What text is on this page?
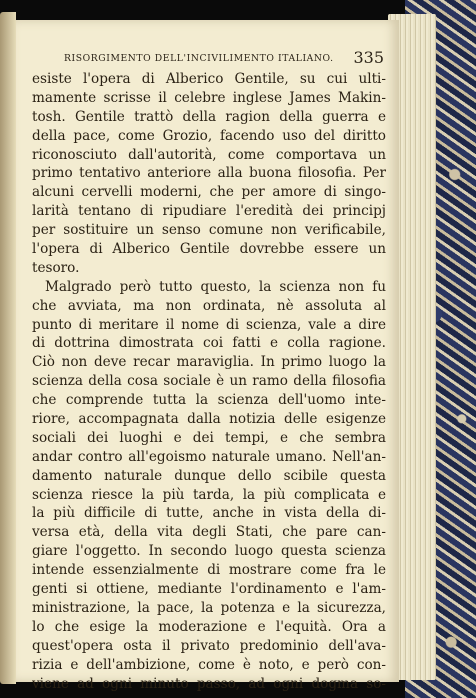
RISORGIMENTO DELL'INCIVILIMENTO ITALIANO. 335
esiste l'opera di Alberico Gentile, su cui ulti-
mamente scrisse il celebre inglese James Makin-
tosh. Gentile trattò della ragion della guerra e
della pace, come Grozio, facendo uso del diritto
riconosciuto dall'autorità, come comportava un
primo tentativo anteriore alla buona filosofia. Per
alcuni cervelli moderni, che per amore di singo-
larità tentano di ripudiare l'eredità dei principj
per sostituire un senso comune non verificabile,
l'opera di Alberico Gentile dovrebbe essere un
tesoro.
Malgrado però tutto questo, la scienza non fu
che avviata, ma non ordinata, nè assoluta al
punto di meritare il nome di scienza, vale a dire
di dottrina dimostrata coi fatti e colla ragione.
Ciò non deve recar maraviglia. In primo luogo la
scienza della cosa sociale è un ramo della filosofia
che comprende tutta la scienza dell'uomo inte-
riore, accompagnata dalla notizia delle esigenze
sociali dei luoghi e dei tempi, e che sembra
andar contro all'egoismo naturale umano. Nell'an-
damento naturale dunque dello scibile questa
scienza riesce la più tarda, la più complicata e
la più difficile di tutte, anche in vista della di-
versa età, della vita degli Stati, che pare can-
giare l'oggetto. In secondo luogo questa scienza
intende essenzialmente di mostrare come fra le
genti si ottiene, mediante l'ordinamento e l'am-
ministrazione, la pace, la potenza e la sicurezza,
lo che esige la moderazione e l'equità. Ora a
quest'opera osta il privato predominio dell'ava-
rizia e dell'ambizione, come è noto, e però con-
viene ad ogni minuto passo, ad ogni dogma so-
